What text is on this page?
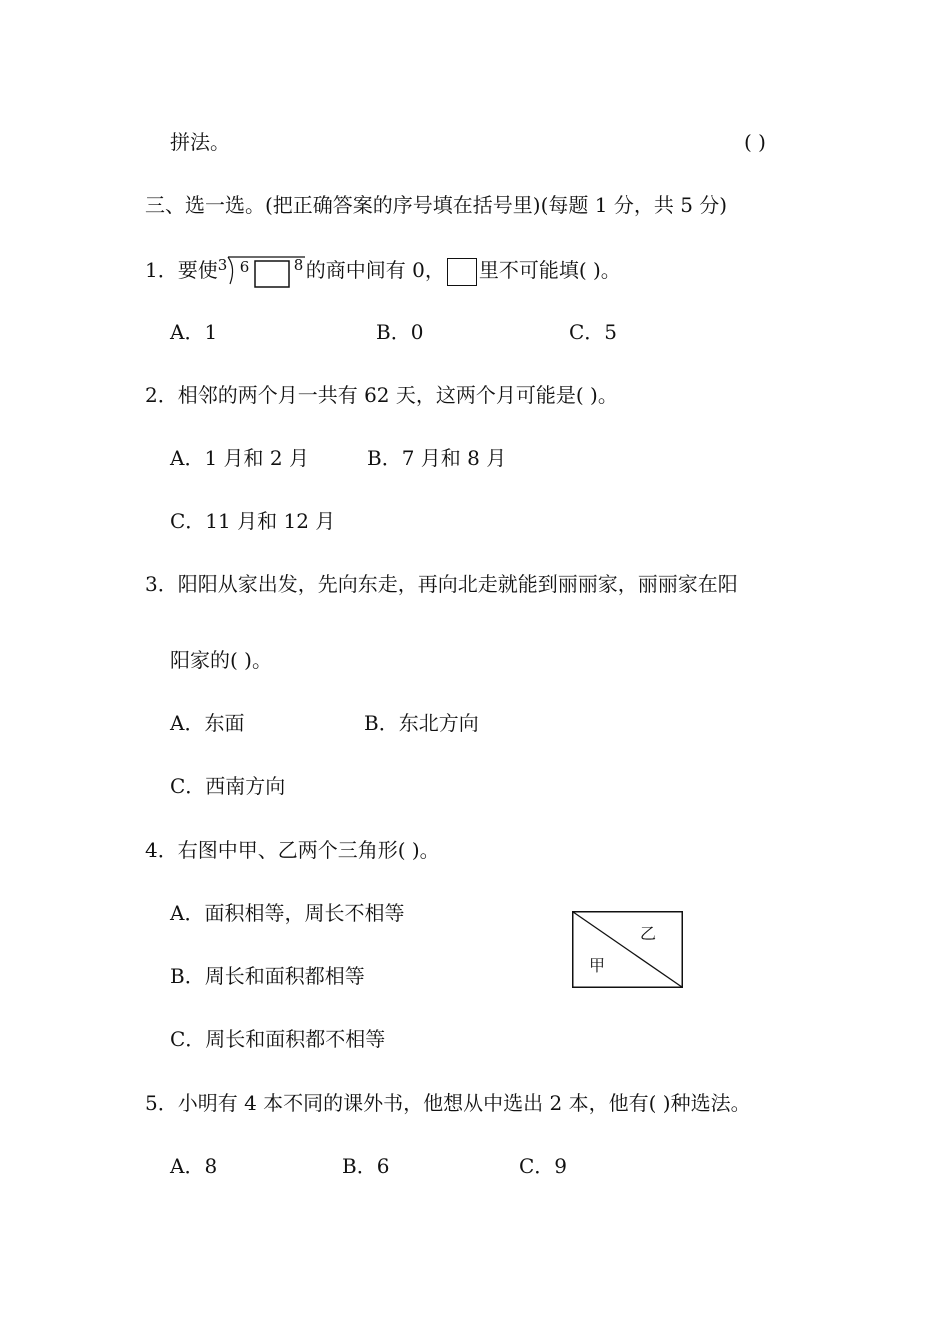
拼法。	( )
三、选一选。(把正确答案的序号填在括号里)(每题 1 分，共 5 分)
1．要使 3 6	8 的商中间有 0， 里不可能填( )。
A．1	B．0	C．5
2．相邻的两个月一共有 62 天，这两个月可能是( )。
A．1 月和 2 月	B．7 月和 8 月
C．11 月和 12 月
3．阳阳从家出发，先向东走，再向北走就能到丽丽家，丽丽家在阳
阳家的( )。
A．东面	B．东北方向
C．西南方向
4．右图中甲、乙两个三角形( )。
A．面积相等，周长不相等
B．周长和面积都相等
C．周长和面积都不相等
乙
甲
5．小明有 4 本不同的课外书，他想从中选出 2 本，他有( )种选法。
A．8	B．6	C．9
